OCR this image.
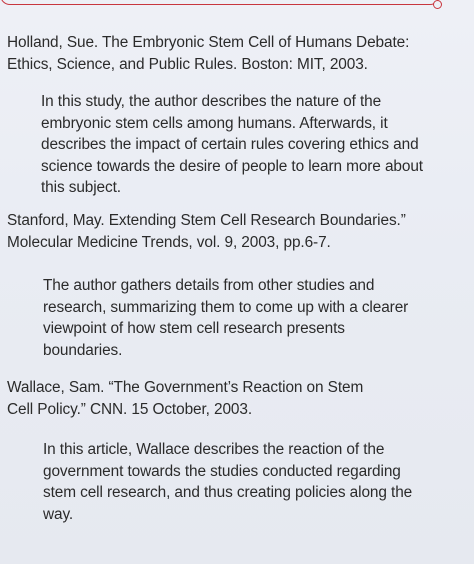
Holland, Sue. The Embryonic Stem Cell of Humans Debate:
Ethics, Science, and Public Rules. Boston: MIT, 2003.
In this study, the author describes the nature of the
embryonic stem cells among humans. Afterwards, it
describes the impact of certain rules covering ethics and
science towards the desire of people to learn more about
this subject.
Stanford, May. Extending Stem Cell Research Boundaries.”
Molecular Medicine Trends, vol. 9, 2003, pp.6-7.
The author gathers details from other studies and
research, summarizing them to come up with a clearer
viewpoint of how stem cell research presents
boundaries.
Wallace, Sam. “The Government’s Reaction on Stem
Cell Policy.” CNN. 15 October, 2003.
In this article, Wallace describes the reaction of the
government towards the studies conducted regarding
stem cell research, and thus creating policies along the
way.
